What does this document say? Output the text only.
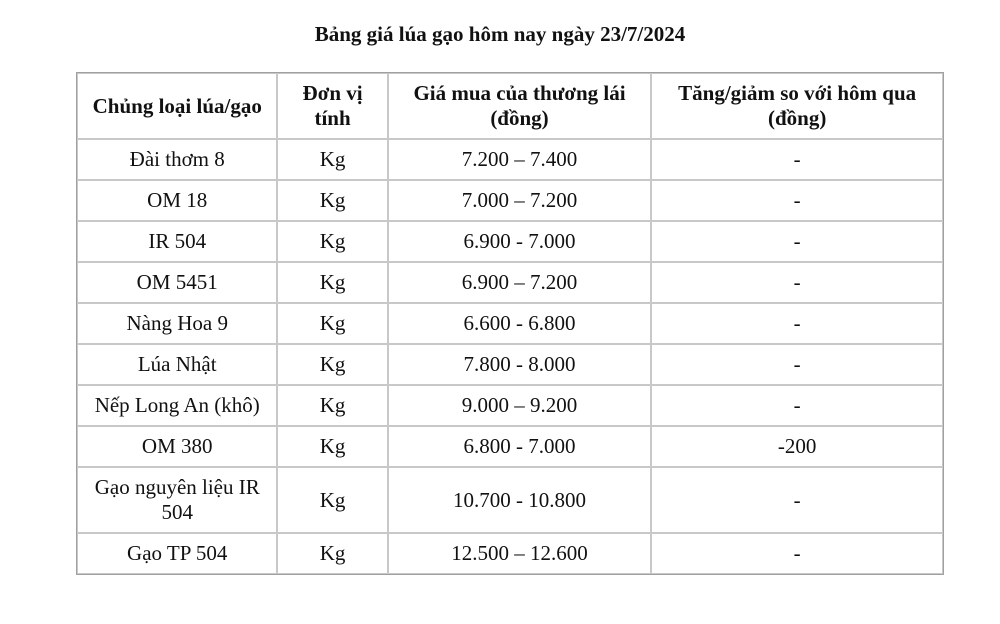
Bảng giá lúa gạo hôm nay ngày 23/7/2024
Chủng loại lúa/gạo	Đơn vị tính	Giá mua của thương lái (đồng)	Tăng/giảm so với hôm qua (đồng)
Đài thơm 8	Kg	7.200 – 7.400	-
OM 18	Kg	7.000 – 7.200	-
IR 504	Kg	6.900 - 7.000	-
OM 5451	Kg	6.900 – 7.200	-
Nàng Hoa 9	Kg	6.600 - 6.800	-
Lúa Nhật	Kg	7.800 - 8.000	-
Nếp Long An (khô)	Kg	9.000 – 9.200	-
OM 380	Kg	6.800 - 7.000	-200
Gạo nguyên liệu IR 504	Kg	10.700 - 10.800	-
Gạo TP 504	Kg	12.500 – 12.600	-
